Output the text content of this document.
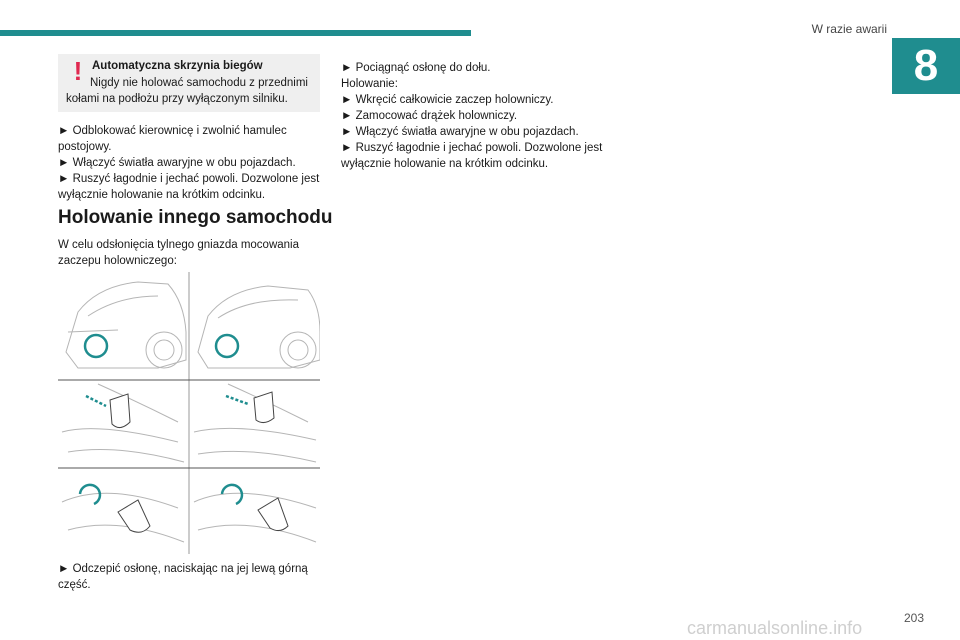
W razie awarii
8
! Automatyczna skrzynia biegów
Nigdy nie holować samochodu z przednimi kołami na podłożu przy wyłączonym silniku.

► Odblokować kierownicę i zwolnić hamulec postojowy.

► Włączyć światła awaryjne w obu pojazdach.

► Ruszyć łagodnie i jechać powoli. Dozwolone jest wyłącznie holowanie na krótkim odcinku.

Holowanie innego samochodu

W celu odsłonięcia tylnego gniazda mocowania zaczepu holowniczego:

► Odczepić osłonę, naciskając na jej lewą górną część.

► Pociągnąć osłonę do dołu.

Holowanie:

► Wkręcić całkowicie zaczep holowniczy.

► Zamocować drążek holowniczy.

► Włączyć światła awaryjne w obu pojazdach.

► Ruszyć łagodnie i jechać powoli. Dozwolone jest wyłącznie holowanie na krótkim odcinku.

203
carmanualsonline.info
